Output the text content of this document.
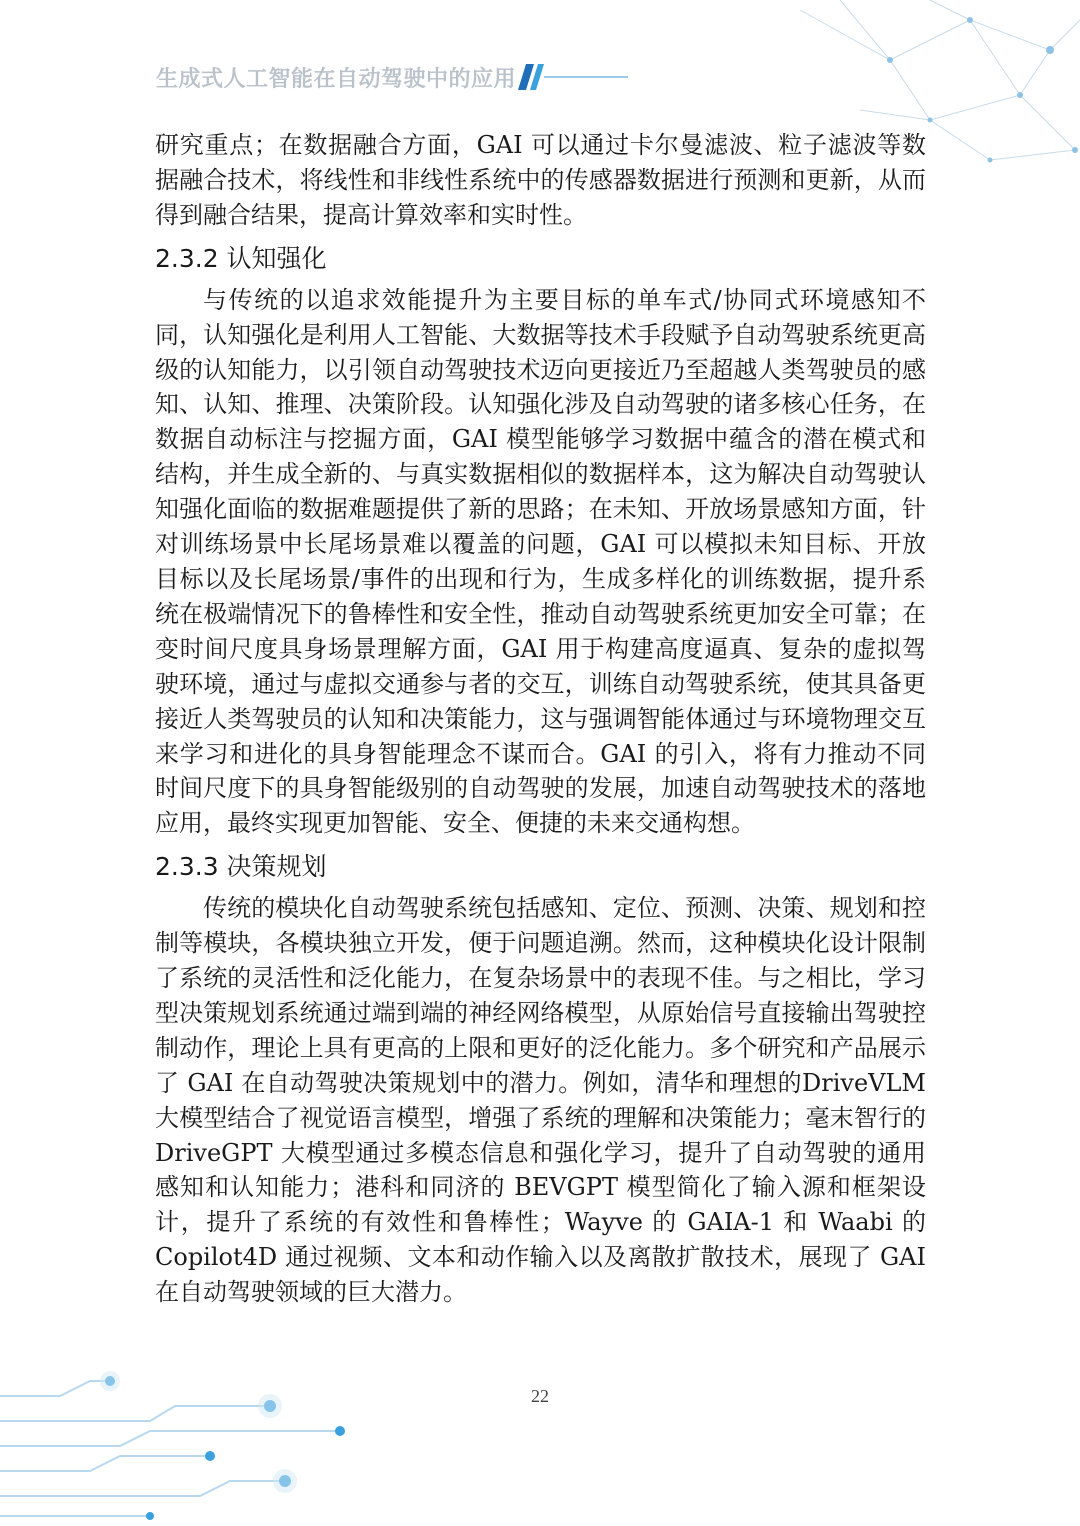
生成式人工智能在自动驾驶中的应用

研究重点；在数据融合方面，GAI 可以通过卡尔曼滤波、粒子滤波等数据融合技术，将线性和非线性系统中的传感器数据进行预测和更新，从而得到融合结果，提高计算效率和实时性。

2.3.2 认知强化

与传统的以追求效能提升为主要目标的单车式/协同式环境感知不同，认知强化是利用人工智能、大数据等技术手段赋予自动驾驶系统更高级的认知能力，以引领自动驾驶技术迈向更接近乃至超越人类驾驶员的感知、认知、推理、决策阶段。认知强化涉及自动驾驶的诸多核心任务，在数据自动标注与挖掘方面，GAI 模型能够学习数据中蕴含的潜在模式和结构，并生成全新的、与真实数据相似的数据样本，这为解决自动驾驶认知强化面临的数据难题提供了新的思路；在未知、开放场景感知方面，针对训练场景中长尾场景难以覆盖的问题，GAI 可以模拟未知目标、开放目标以及长尾场景/事件的出现和行为，生成多样化的训练数据，提升系统在极端情况下的鲁棒性和安全性，推动自动驾驶系统更加安全可靠；在变时间尺度具身场景理解方面，GAI 用于构建高度逼真、复杂的虚拟驾驶环境，通过与虚拟交通参与者的交互，训练自动驾驶系统，使其具备更接近人类驾驶员的认知和决策能力，这与强调智能体通过与环境物理交互来学习和进化的具身智能理念不谋而合。GAI 的引入，将有力推动不同时间尺度下的具身智能级别的自动驾驶的发展，加速自动驾驶技术的落地应用，最终实现更加智能、安全、便捷的未来交通构想。

2.3.3 决策规划

传统的模块化自动驾驶系统包括感知、定位、预测、决策、规划和控制等模块，各模块独立开发，便于问题追溯。然而，这种模块化设计限制了系统的灵活性和泛化能力，在复杂场景中的表现不佳。与之相比，学习型决策规划系统通过端到端的神经网络模型，从原始信号直接输出驾驶控制动作，理论上具有更高的上限和更好的泛化能力。多个研究和产品展示了 GAI 在自动驾驶决策规划中的潜力。例如，清华和理想的DriveVLM 大模型结合了视觉语言模型，增强了系统的理解和决策能力；毫末智行的 DriveGPT 大模型通过多模态信息和强化学习，提升了自动驾驶的通用感知和认知能力；港科和同济的 BEVGPT 模型简化了输入源和框架设计，提升了系统的有效性和鲁棒性；Wayve 的 GAIA-1 和 Waabi 的 Copilot4D 通过视频、文本和动作输入以及离散扩散技术，展现了 GAI 在自动驾驶领域的巨大潜力。

22
